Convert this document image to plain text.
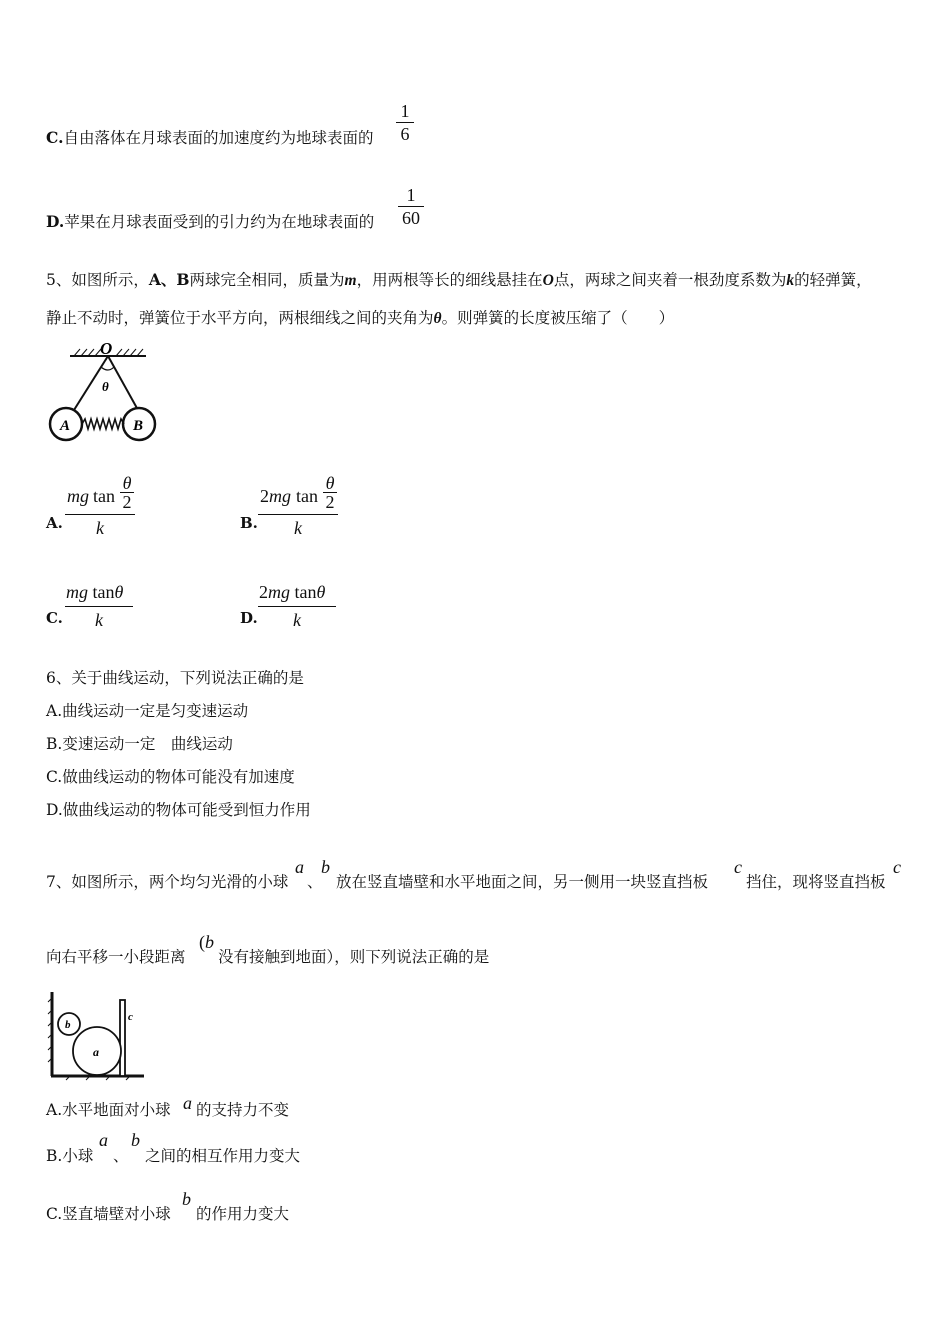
C.自由落体在月球表面的加速度约为地球表面的
1
6
D.苹果在月球表面受到的引力约为在地球表面的
1
60
5、如图所示，A、B两球完全相同，质量为m，用两根等长的细线悬挂在O点，两球之间夹着一根劲度系数为k的轻弹簧，
静止不动时，弹簧位于水平方向，两根细线之间的夹角为θ。则弹簧的长度被压缩了（　　）
O
θ
A	B
A.
mg tan
θ
2
k	B.
2 mg tan
θ
2
k
C.
mg tanθ
k	D.
2mg tanθ
k
6、关于曲线运动，下列说法正确的是
A.曲线运动一定是匀变速运动
B.变速运动一定　曲线运动
C.做曲线运动的物体可能没有加速度
D.做曲线运动的物体可能受到恒力作用
7、如图所示，两个均匀光滑的小球
a
、
b
放在竖直墙壁和水平地面之间，另一侧用一块竖直挡板
c
挡住，现将竖直挡板
c
向右平移一小段距离
( b
没有接触到地面），则下列说法正确的是
b
a
c
A.水平地面对小球 a 的支持力不变
B.小球
a
、
b
之间的相互作用力变大
C.竖直墙壁对小球
b
的作用力变大
